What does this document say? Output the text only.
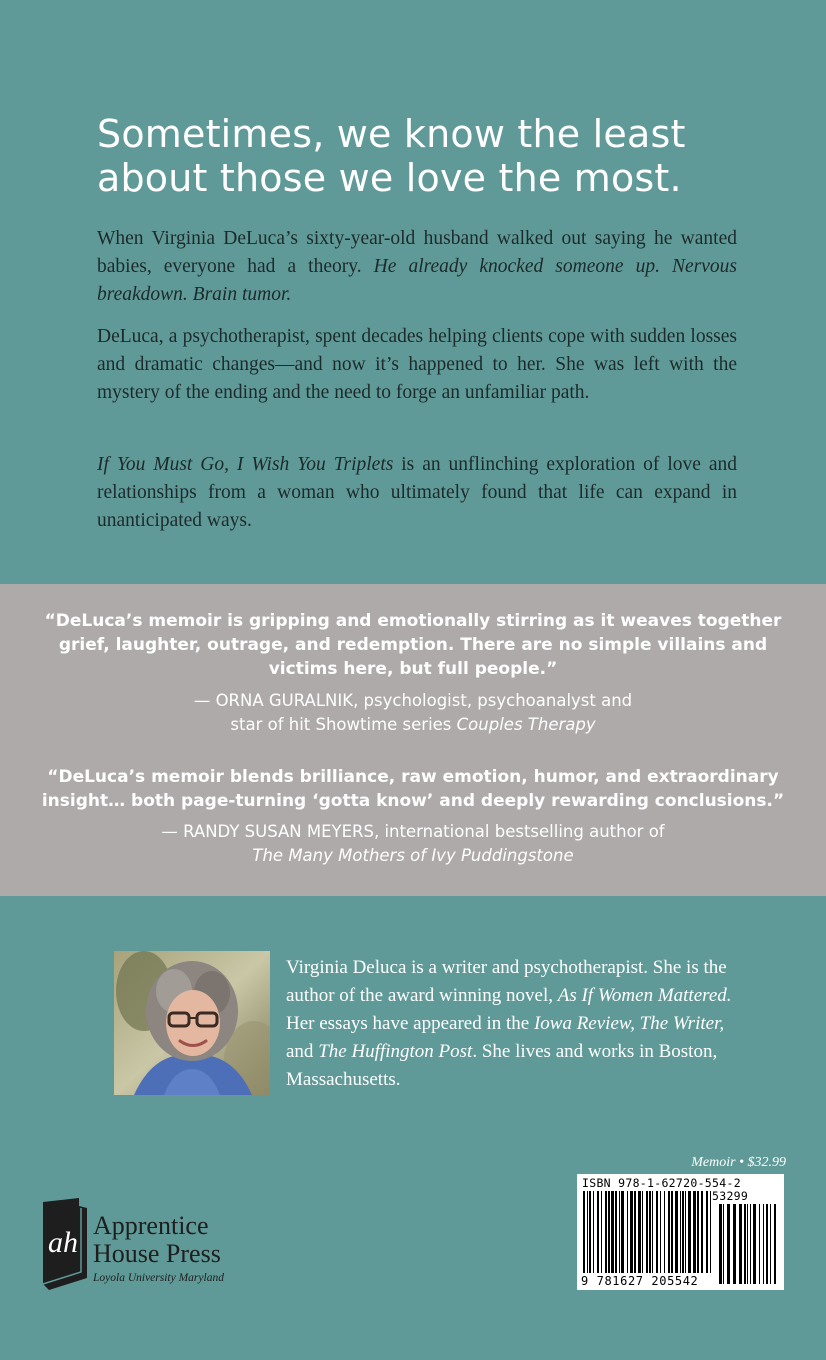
Sometimes, we know the least
about those we love the most.

When Virginia DeLuca’s sixty-year-old husband walked out saying he wanted babies, everyone had a theory. He already knocked someone up. Nervous breakdown. Brain tumor.

DeLuca, a psychotherapist, spent decades helping clients cope with sudden losses and dramatic changes—and now it’s happened to her. She was left with the mystery of the ending and the need to forge an unfamiliar path.

If You Must Go, I Wish You Triplets is an unflinching exploration of love and relationships from a woman who ultimately found that life can expand in unanticipated ways.

“DeLuca’s memoir is gripping and emotionally stirring as it weaves together grief, laughter, outrage, and redemption. There are no simple villains and victims here, but full people.”

— ORNA GURALNIK, psychologist, psychoanalyst and
star of hit Showtime series Couples Therapy

“DeLuca’s memoir blends brilliance, raw emotion, humor, and extraordinary insight… both page-turning ‘gotta know’ and deeply rewarding conclusions.”

— RANDY SUSAN MEYERS, international bestselling author of
The Many Mothers of Ivy Puddingstone

Virginia Deluca is a writer and psychotherapist. She is the author of the award winning novel, As If Women Mattered. Her essays have appeared in the Iowa Review, The Writer, and The Huffington Post. She lives and works in Boston, Massachusetts.

Memoir • $32.99

ISBN 978-1-62720-554-2
53299
9 781627 205542
ah

Apprentice
House Press

Loyola University Maryland
